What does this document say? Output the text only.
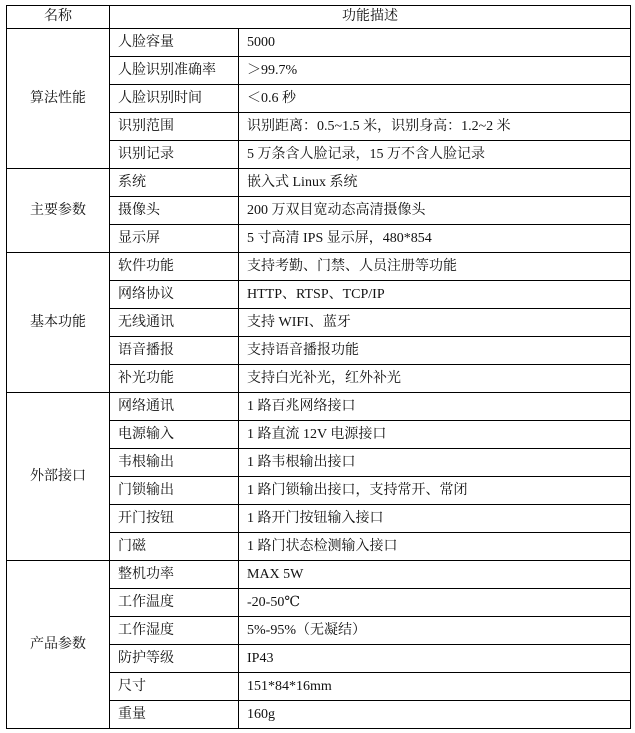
名称	功能描述	
算法性能	人脸容量	5000
	人脸识别准确率	＞99.7%
	人脸识别时间	＜0.6 秒
	识别范围	识别距离：0.5~1.5 米，识别身高：1.2~2 米
	识别记录	5 万条含人脸记录，15 万不含人脸记录
主要参数	系统	嵌入式 Linux 系统
	摄像头	200 万双目宽动态高清摄像头
	显示屏	5 寸高清 IPS 显示屏，480*854
基本功能	软件功能	支持考勤、门禁、人员注册等功能
	网络协议	HTTP、RTSP、TCP/IP
	无线通讯	支持 WIFI、蓝牙
	语音播报	支持语音播报功能
	补光功能	支持白光补光，红外补光
外部接口	网络通讯	1 路百兆网络接口
	电源输入	1 路直流 12V 电源接口
	韦根输出	1 路韦根输出接口
	门锁输出	1 路门锁输出接口，支持常开、常闭
	开门按钮	1 路开门按钮输入接口
	门磁	1 路门状态检测输入接口
产品参数	整机功率	MAX 5W
	工作温度	-20-50℃
	工作湿度	5%-95%（无凝结）
	防护等级	IP43
	尺寸	151*84*16mm
	重量	160g
